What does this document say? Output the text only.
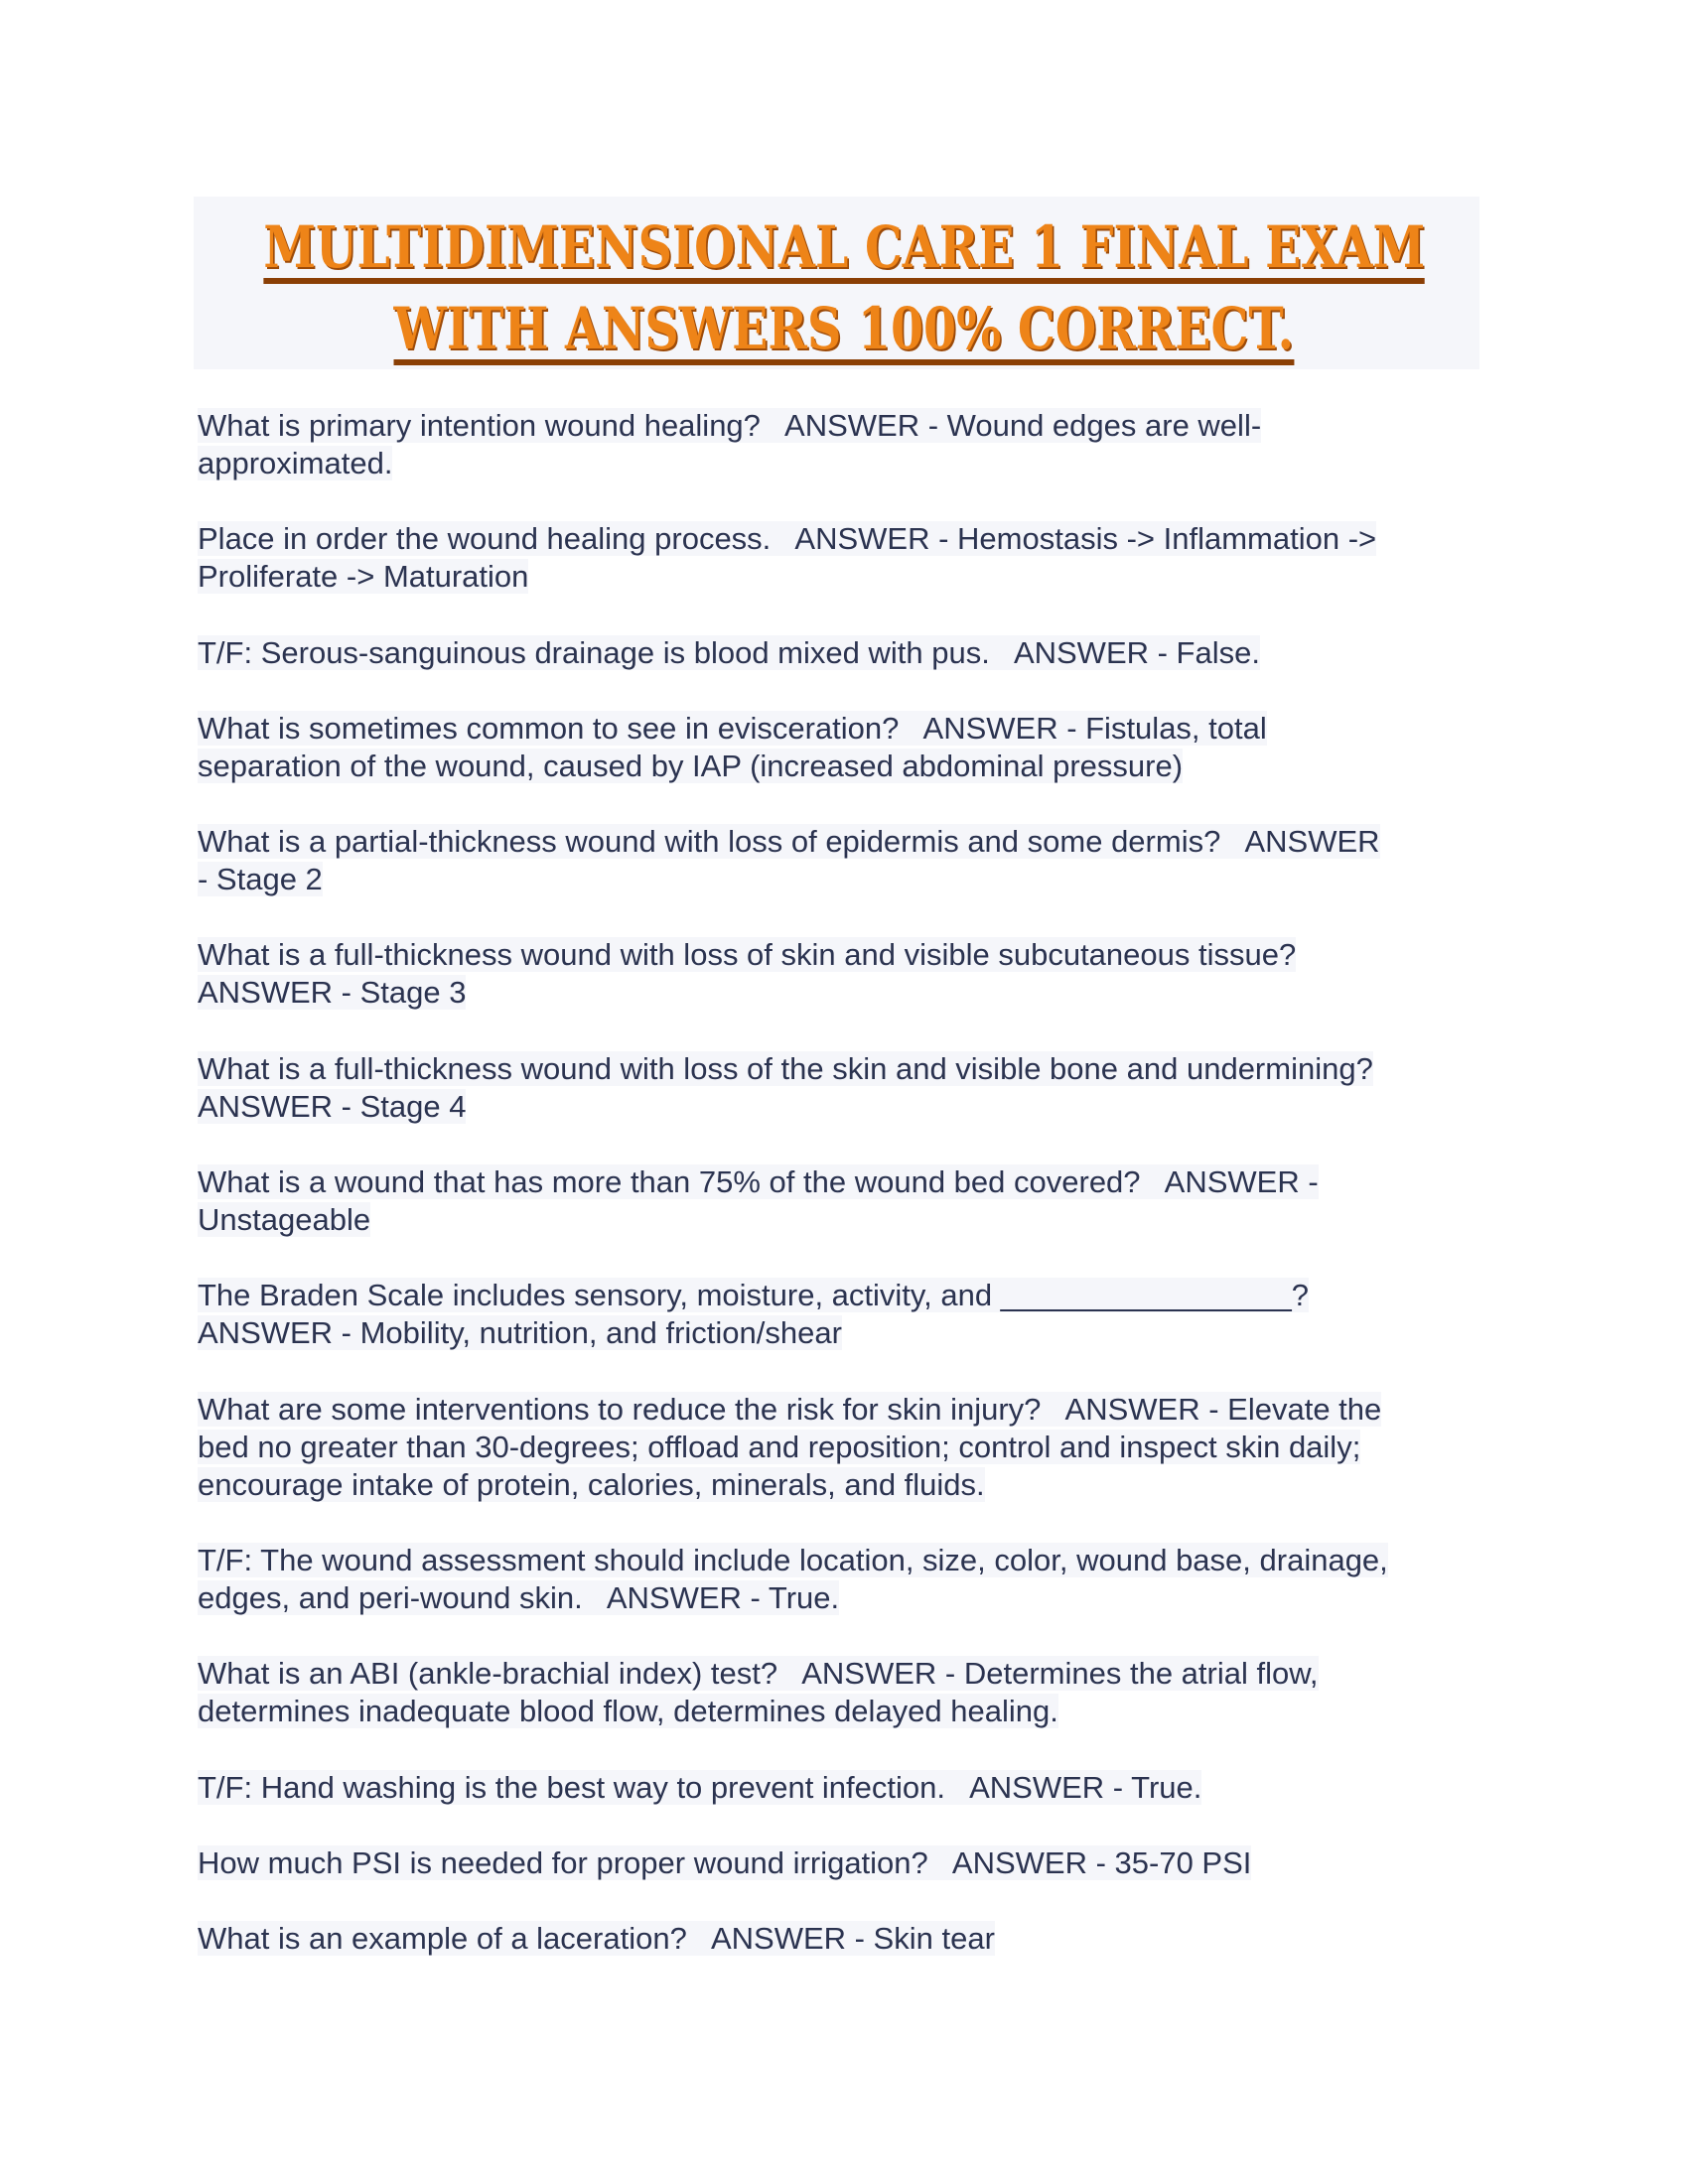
MULTIDIMENSIONAL CARE 1 FINAL EXAM
WITH ANSWERS 100% CORRECT.
What is primary intention wound healing?   ANSWER - Wound edges are well-
approximated.
Place in order the wound healing process.   ANSWER - Hemostasis -> Inflammation ->
Proliferate -> Maturation
T/F: Serous-sanguinous drainage is blood mixed with pus.   ANSWER - False.
What is sometimes common to see in evisceration?   ANSWER - Fistulas, total
separation of the wound, caused by IAP (increased abdominal pressure)
What is a partial-thickness wound with loss of epidermis and some dermis?   ANSWER
- Stage 2
What is a full-thickness wound with loss of skin and visible subcutaneous tissue?
ANSWER - Stage 3
What is a full-thickness wound with loss of the skin and visible bone and undermining?
ANSWER - Stage 4
What is a wound that has more than 75% of the wound bed covered?   ANSWER -
Unstageable
The Braden Scale includes sensory, moisture, activity, and _________________?
ANSWER - Mobility, nutrition, and friction/shear
What are some interventions to reduce the risk for skin injury?   ANSWER - Elevate the
bed no greater than 30-degrees; offload and reposition; control and inspect skin daily;
encourage intake of protein, calories, minerals, and fluids.
T/F: The wound assessment should include location, size, color, wound base, drainage,
edges, and peri-wound skin.   ANSWER - True.
What is an ABI (ankle-brachial index) test?   ANSWER - Determines the atrial flow,
determines inadequate blood flow, determines delayed healing.
T/F: Hand washing is the best way to prevent infection.   ANSWER - True.
How much PSI is needed for proper wound irrigation?   ANSWER - 35-70 PSI
What is an example of a laceration?   ANSWER - Skin tear
